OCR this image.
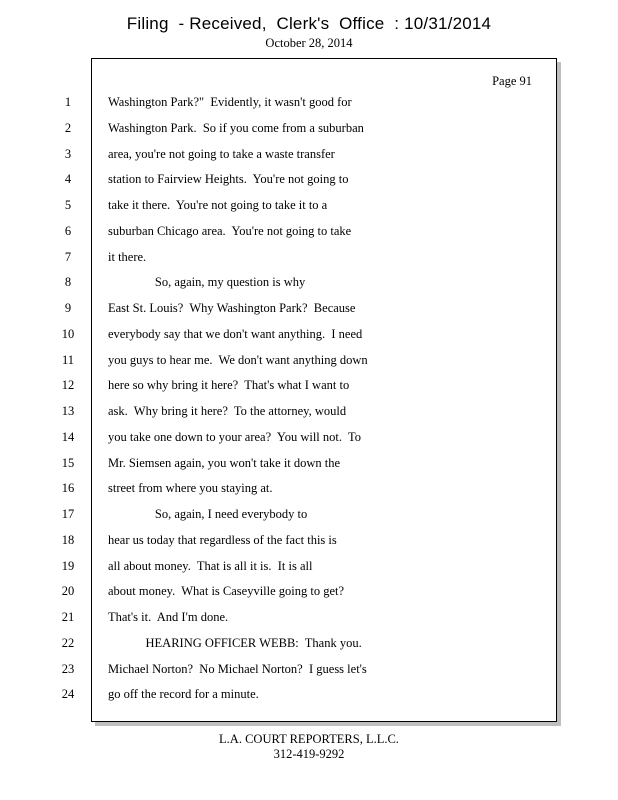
Filing  - Received,  Clerk's  Office  : 10/31/2014
October 28, 2014
Page 91
1	Washington Park?"  Evidently, it wasn't good for
2	Washington Park.  So if you come from a suburban
3	area, you're not going to take a waste transfer
4	station to Fairview Heights.  You're not going to
5	take it there.  You're not going to take it to a
6	suburban Chicago area.  You're not going to take
7	it there.
8	So, again, my question is why
9	East St. Louis?  Why Washington Park?  Because
10	everybody say that we don't want anything.  I need
11	you guys to hear me.  We don't want anything down
12	here so why bring it here?  That's what I want to
13	ask.  Why bring it here?  To the attorney, would
14	you take one down to your area?  You will not.  To
15	Mr. Siemsen again, you won't take it down the
16	street from where you staying at.
17	So, again, I need everybody to
18	hear us today that regardless of the fact this is
19	all about money.  That is all it is.  It is all
20	about money.  What is Caseyville going to get?
21	That's it.  And I'm done.
22	HEARING OFFICER WEBB:  Thank you.
23	Michael Norton?  No Michael Norton?  I guess let's
24	go off the record for a minute.
L.A. COURT REPORTERS, L.L.C.
312-419-9292
